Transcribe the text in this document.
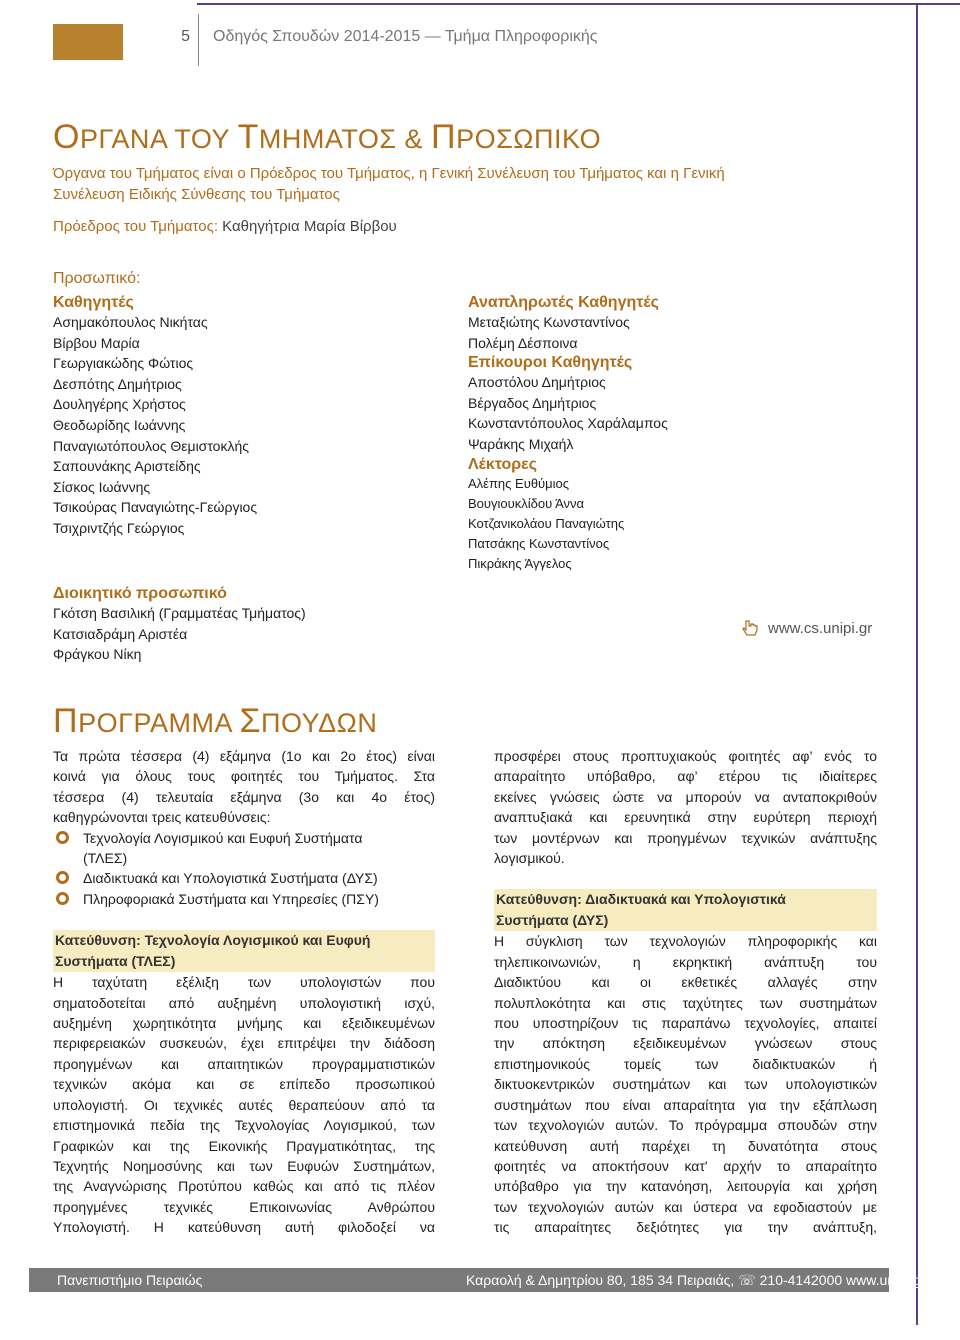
5 Οδηγός Σπουδών 2014-2015 — Τμήμα Πληροφορικής
ΟΡΓΑΝΑ ΤΟΥ ΤΜΗΜΑΤΟΣ & ΠΡΟΣΩΠΙΚΟ
Όργανα του Τμήματος είναι ο Πρόεδρος του Τμήματος, η Γενική Συνέλευση του Τμήματος και η Γενική
Συνέλευση Ειδικής Σύνθεσης του Τμήματος
Πρόεδρος του Τμήματος: Καθηγήτρια Μαρία Βίρβου
Προσωπικό:
Καθηγητές
Ασημακόπουλος Νικήτας
Βίρβου Μαρία
Γεωργιακώδης Φώτιος
Δεσπότης Δημήτριος
Δουληγέρης Χρήστος
Θεοδωρίδης Ιωάννης
Παναγιωτόπουλος Θεμιστοκλής
Σαπουνάκης Αριστείδης
Σίσκος Ιωάννης
Τσικούρας Παναγιώτης-Γεώργιος
Τσιχριντζής Γεώργιος
Διοικητικό προσωπικό
Γκότση Βασιλική (Γραμματέας Τμήματος)
Κατσιαδράμη Αριστέα
Φράγκου Νίκη
Αναπληρωτές Καθηγητές
Μεταξιώτης Κωνσταντίνος
Πολέμη Δέσποινα
Επίκουροι Καθηγητές
Αποστόλου Δημήτριος
Βέργαδος Δημήτριος
Κωνσταντόπουλος Χαράλαμπος
Ψαράκης Μιχαήλ
Λέκτορες
Αλέπης Ευθύμιος
Βουγιουκλίδου Άννα
Κοτζανικολάου Παναγιώτης
Πατσάκης Κωνσταντίνος
Πικράκης Άγγελος
www.cs.unipi.gr
ΠΡΟΓΡΑΜΜΑ ΣΠΟΥΔΩΝ
Τα πρώτα τέσσερα (4) εξάμηνα (1ο και 2ο έτος) είναι
κοινά για όλους τους φοιτητές του Τμήματος. Στα
τέσσερα (4) τελευταία εξάμηνα (3ο και 4ο έτος)
καθηγρώνονται τρεις κατευθύνσεις:
Τεχνολογία Λογισμικού και Ευφυή Συστήματα
(ΤΛΕΣ)
Διαδικτυακά και Υπολογιστικά Συστήματα (ΔΥΣ)
Πληροφοριακά Συστήματα και Υπηρεσίες (ΠΣΥ)
Κατεύθυνση: Τεχνολογία Λογισμικού και Ευφυή
Συστήματα (ΤΛΕΣ)
Η ταχύτατη εξέλιξη των υπολογιστών που
σηματοδοτείται από αυξημένη υπολογιστική ισχύ,
αυξημένη χωρητικότητα μνήμης και εξειδικευμένων
περιφερειακών συσκευών, έχει επιτρέψει την διάδοση
προηγμένων και απαιτητικών προγραμματιστικών
τεχνικών ακόμα και σε επίπεδο προσωπικού
υπολογιστή. Οι τεχνικές αυτές θεραπεύουν από τα
επιστημονικά πεδία της Τεχνολογίας Λογισμικού, των
Γραφικών και της Εικονικής Πραγματικότητας, της
Τεχνητής Νοημοσύνης και των Ευφυών Συστημάτων,
της Αναγνώρισης Προτύπου καθώς και από τις πλέον
προηγμένες τεχνικές Επικοινωνίας Ανθρώπου
Υπολογιστή. Η κατεύθυνση αυτή φιλοδοξεί να
προσφέρει στους προπτυχιακούς φοιτητές αφ’ ενός το
απαραίτητο υπόβαθρο, αφ’ ετέρου τις ιδιαίτερες
εκείνες γνώσεις ώστε να μπορούν να ανταποκριθούν
αναπτυξιακά και ερευνητικά στην ευρύτερη περιοχή
των μοντέρνων και προηγμένων τεχνικών ανάπτυξης
λογισμικού.
Κατεύθυνση: Διαδικτυακά και Υπολογιστικά
Συστήματα (ΔΥΣ)
Η σύγκλιση των τεχνολογιών πληροφορικής και
τηλεπικοινωνιών, η εκρηκτική ανάπτυξη του
Διαδικτύου και οι εκθετικές αλλαγές στην
πολυπλοκότητα και στις ταχύτητες των συστημάτων
που υποστηρίζουν τις παραπάνω τεχνολογίες, απαιτεί
την απόκτηση εξειδικευμένων γνώσεων στους
επιστημονικούς τομείς των διαδικτυακών ή
δικτυοκεντρικών συστημάτων και των υπολογιστικών
συστημάτων που είναι απαραίτητα για την εξάπλωση
των τεχνολογιών αυτών. Το πρόγραμμα σπουδών στην
κατεύθυνση αυτή παρέχει τη δυνατότητα στους
φοιτητές να αποκτήσουν κατ' αρχήν το απαραίτητο
υπόβαθρο για την κατανόηση, λειτουργία και χρήση
των τεχνολογιών αυτών και ύστερα να εφοδιαστούν με
τις απαραίτητες δεξιότητες για την ανάπτυξη,
Πανεπιστήμιο Πειραιώς	Καραολή & Δημητρίου 80, 185 34 Πειραιάς, ☏ 210-4142000 www.unipi.gr
